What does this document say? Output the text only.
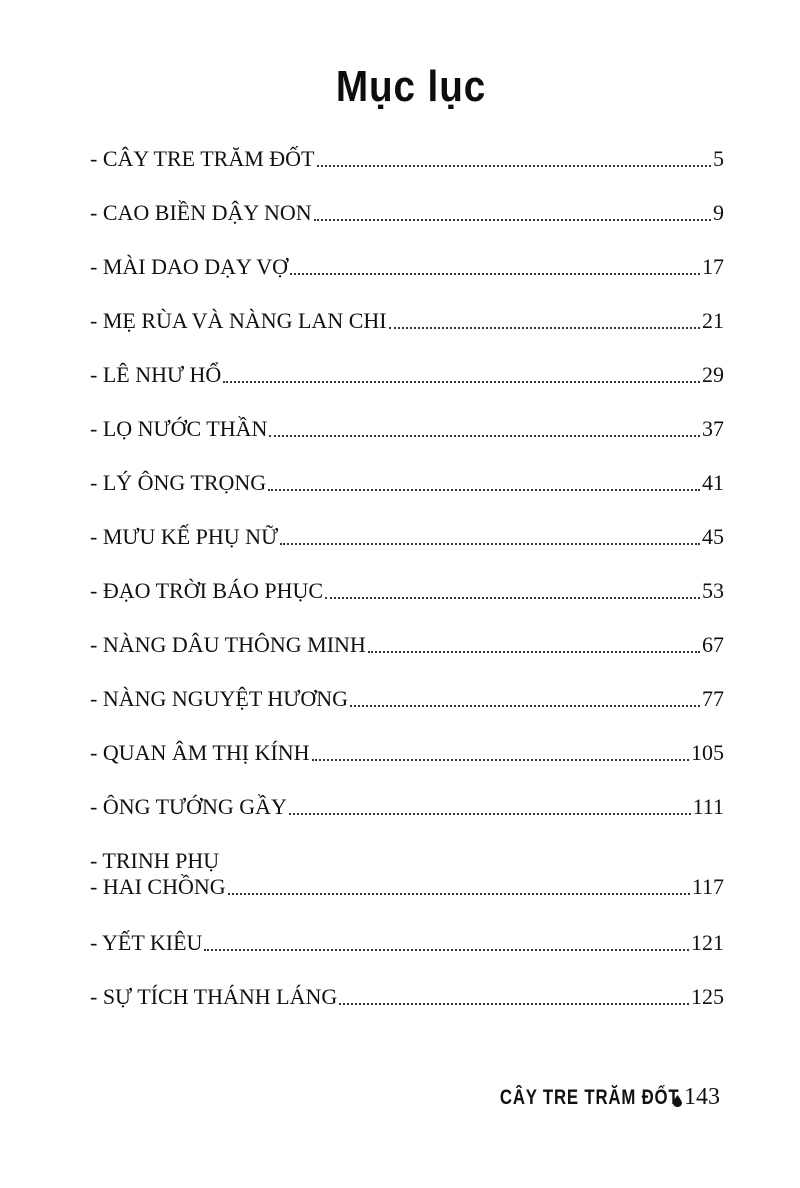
Mục lục
- CÂY TRE TRĂM ĐỐT	5
- CAO BIỀN DẬY NON	9
- MÀI DAO DẠY VỢ	17
- MẸ RÙA VÀ NÀNG LAN CHI	21
- LÊ NHƯ HỔ	29
- LỌ NƯỚC THẦN	37
- LÝ ÔNG TRỌNG	41
- MƯU KẾ PHỤ NỮ	45
- ĐẠO TRỜI BÁO PHỤC	53
- NÀNG DÂU THÔNG MINH	67
- NÀNG NGUYỆT HƯƠNG	77
- QUAN ÂM THỊ KÍNH	105
- ÔNG TƯỚNG GẦY	111
- TRINH PHỤ
- HAI CHỒNG	117
- YẾT KIÊU	121
- SỰ TÍCH THÁNH LÁNG	125
CÂY TRE TRĂM ĐỐT 143
